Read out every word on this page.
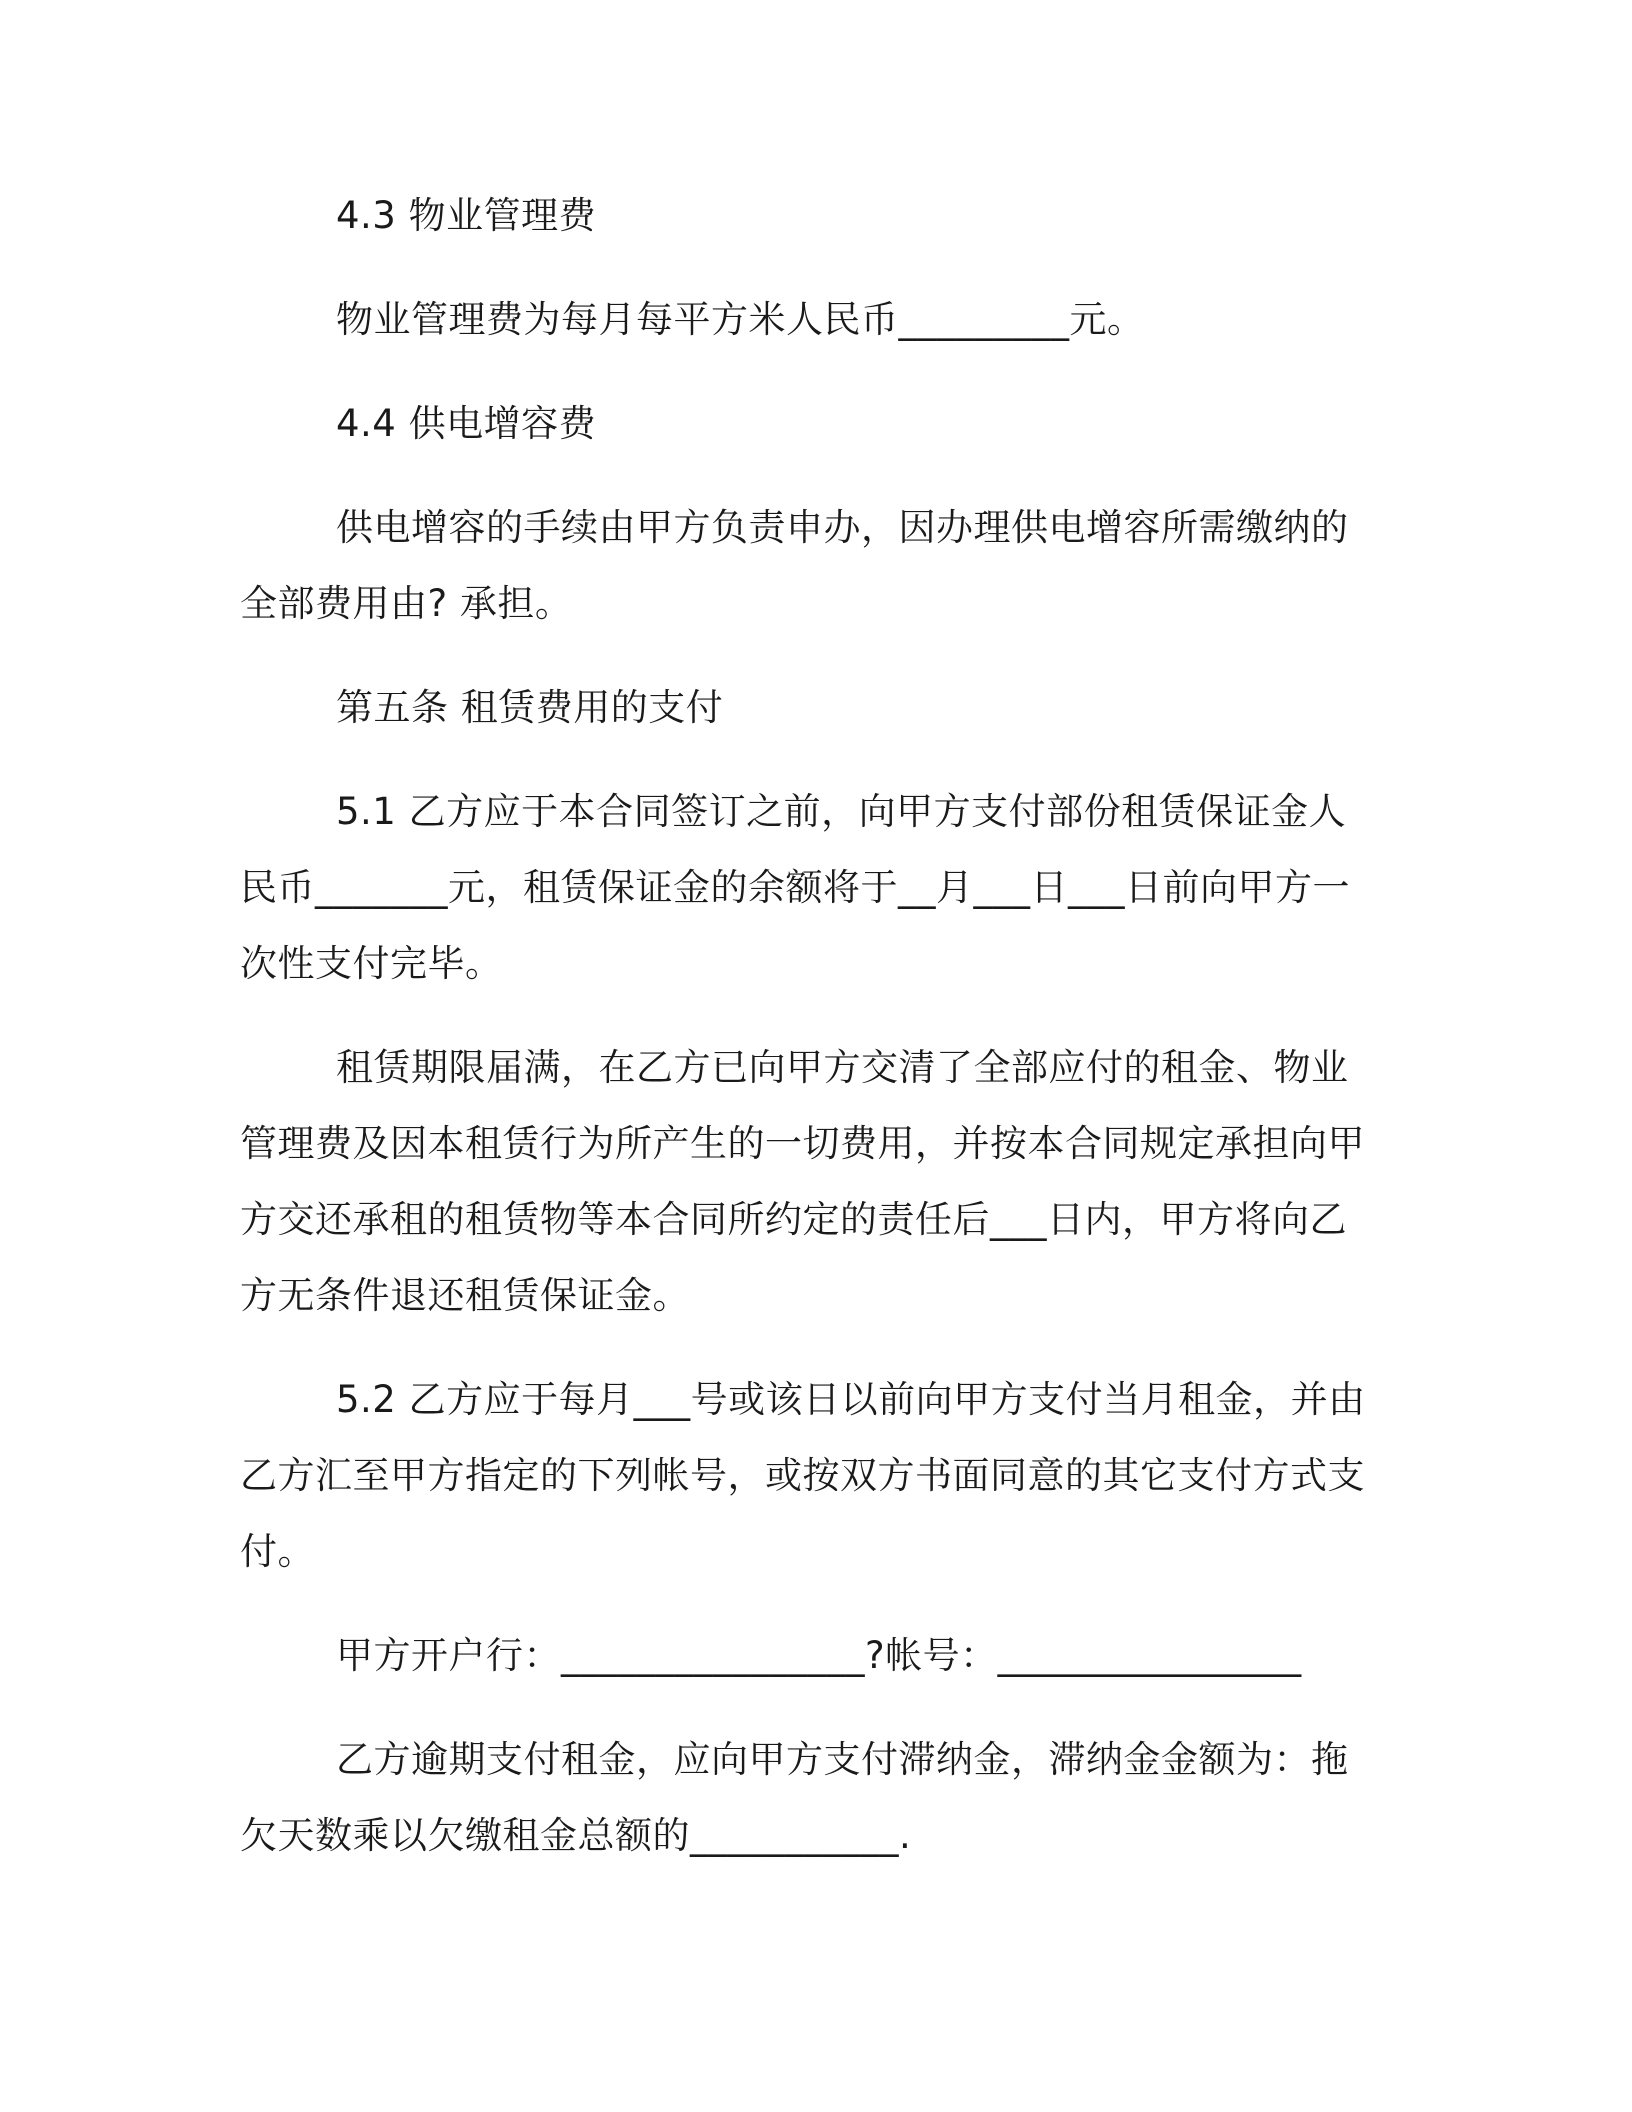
4.3 物业管理费

物业管理费为每月每平方米人民币_________元。

4.4 供电增容费

供电增容的手续由甲方负责申办，因办理供电增容所需缴纳的全部费用由? 承担。

第五条 租赁费用的支付

5.1 乙方应于本合同签订之前，向甲方支付部份租赁保证金人民币_______元，租赁保证金的余额将于__月___日___日前向甲方一次性支付完毕。

租赁期限届满，在乙方已向甲方交清了全部应付的租金、物业管理费及因本租赁行为所产生的一切费用，并按本合同规定承担向甲方交还承租的租赁物等本合同所约定的责任后___日内，甲方将向乙方无条件退还租赁保证金。

5.2 乙方应于每月___号或该日以前向甲方支付当月租金，并由乙方汇至甲方指定的下列帐号，或按双方书面同意的其它支付方式支付。

甲方开户行：________________?帐号：________________

乙方逾期支付租金，应向甲方支付滞纳金，滞纳金金额为：拖欠天数乘以欠缴租金总额的___________.
